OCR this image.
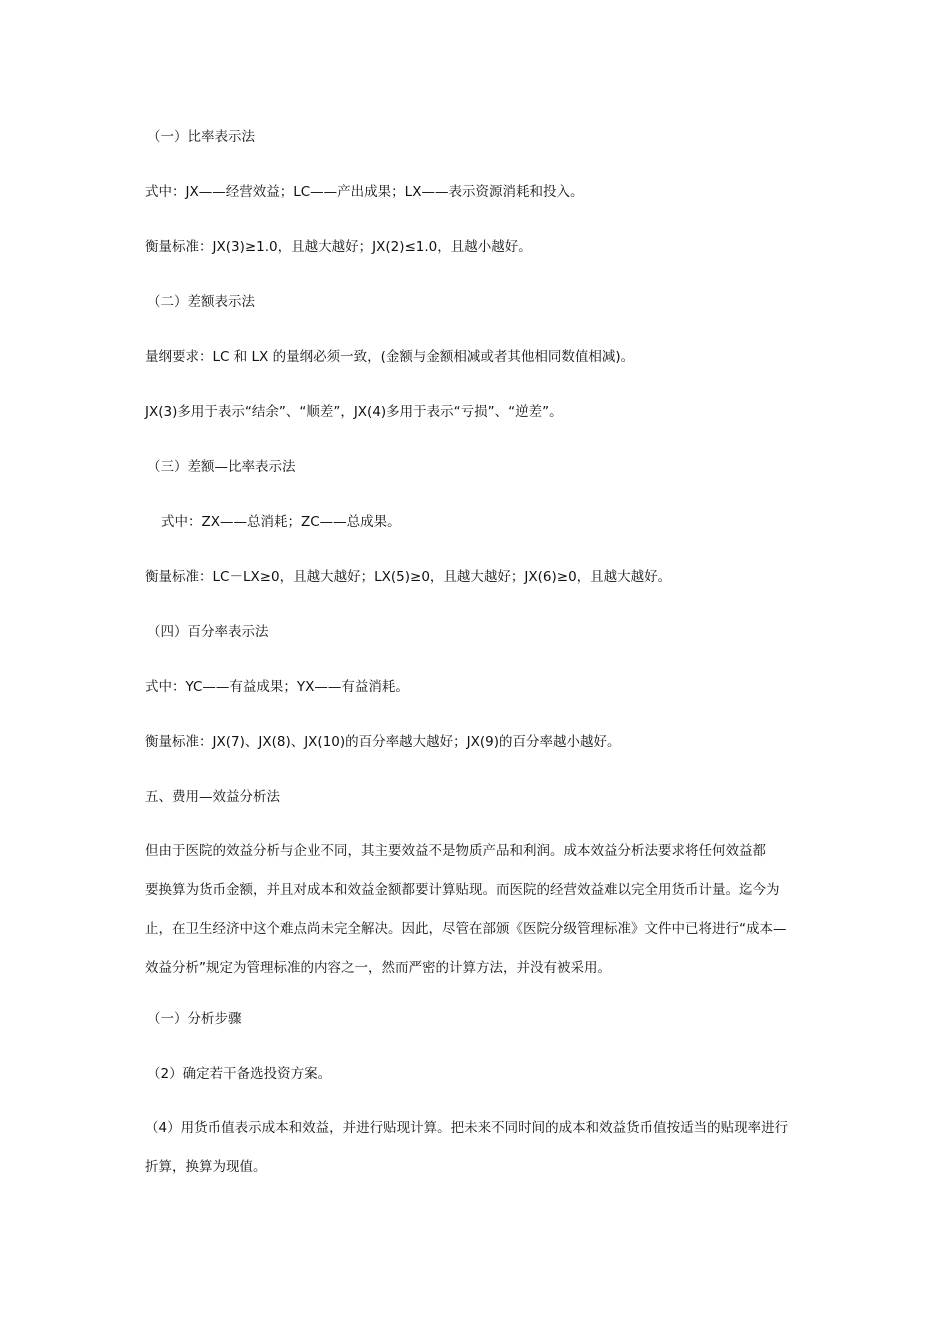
（一）比率表示法
式中：JX——经营效益；LC——产出成果；LX——表示资源消耗和投入。
衡量标准：JX(3)≥1.0，且越大越好；JX(2)≤1.0，且越小越好。
（二）差额表示法
量纲要求：LC 和 LX 的量纲必须一致，(金额与金额相减或者其他相同数值相减)。
JX(3)多用于表示“结余”、“顺差”，JX(4)多用于表示“亏损”、“逆差”。
（三）差额—比率表示法
式中：ZX——总消耗；ZC——总成果。
衡量标准：LC－LX≥0，且越大越好；LX(5)≥0，且越大越好；JX(6)≥0，且越大越好。
（四）百分率表示法
式中：YC——有益成果；YX——有益消耗。
衡量标准：JX(7)、JX(8)、JX(10)的百分率越大越好；JX(9)的百分率越小越好。
五、费用—效益分析法
但由于医院的效益分析与企业不同，其主要效益不是物质产品和利润。成本效益分析法要求将任何效益都
要换算为货币金额，并且对成本和效益金额都要计算贴现。而医院的经营效益难以完全用货币计量。迄今为
止，在卫生经济中这个难点尚未完全解决。因此，尽管在部颁《医院分级管理标准》文件中已将进行“成本—
效益分析”规定为管理标准的内容之一，然而严密的计算方法，并没有被采用。
（一）分析步骤
（2）确定若干备选投资方案。
（4）用货币值表示成本和效益，并进行贴现计算。把未来不同时间的成本和效益货币值按适当的贴现率进行
折算，换算为现值。
